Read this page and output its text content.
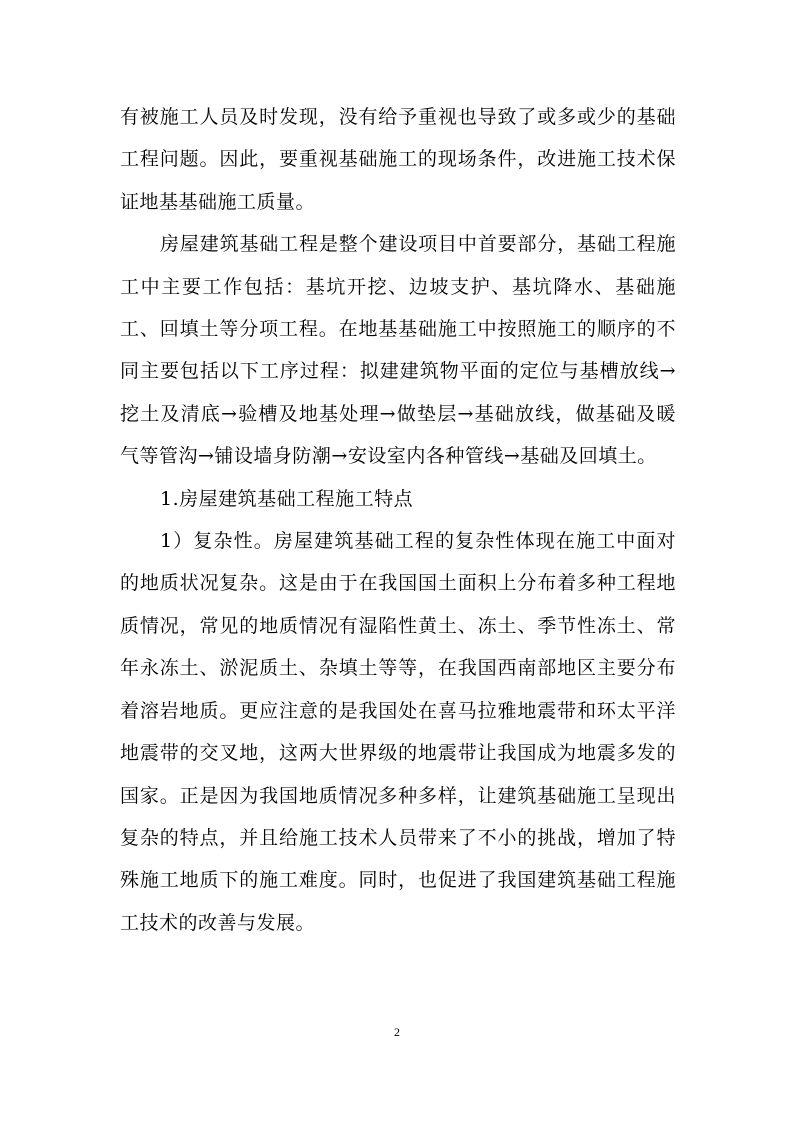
有被施工人员及时发现，没有给予重视也导致了或多或少的基础工程问题。因此，要重视基础施工的现场条件，改进施工技术保证地基基础施工质量。

房屋建筑基础工程是整个建设项目中首要部分，基础工程施工中主要工作包括：基坑开挖、边坡支护、基坑降水、基础施工、回填土等分项工程。在地基基础施工中按照施工的顺序的不同主要包括以下工序过程：拟建建筑物平面的定位与基槽放线→挖土及清底→验槽及地基处理→做垫层→基础放线，做基础及暖气等管沟→铺设墙身防潮→安设室内各种管线→基础及回填土。

1.房屋建筑基础工程施工特点

1）复杂性。房屋建筑基础工程的复杂性体现在施工中面对的地质状况复杂。这是由于在我国国土面积上分布着多种工程地质情况，常见的地质情况有湿陷性黄土、冻土、季节性冻土、常年永冻土、淤泥质土、杂填土等等，在我国西南部地区主要分布着溶岩地质。更应注意的是我国处在喜马拉雅地震带和环太平洋地震带的交叉地，这两大世界级的地震带让我国成为地震多发的国家。正是因为我国地质情况多种多样，让建筑基础施工呈现出复杂的特点，并且给施工技术人员带来了不小的挑战，增加了特殊施工地质下的施工难度。同时，也促进了我国建筑基础工程施工技术的改善与发展。

2
